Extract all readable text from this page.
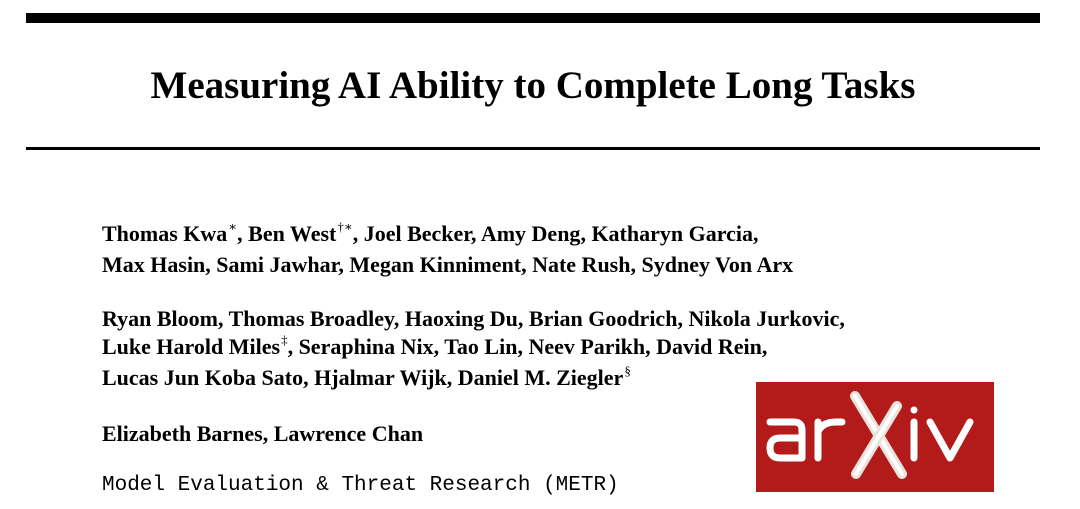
Measuring AI Ability to Complete Long Tasks
Thomas Kwa∗, Ben West†∗, Joel Becker, Amy Deng, Katharyn Garcia,
Max Hasin, Sami Jawhar, Megan Kinniment, Nate Rush, Sydney Von Arx
Ryan Bloom, Thomas Broadley, Haoxing Du, Brian Goodrich, Nikola Jurkovic,
Luke Harold Miles‡, Seraphina Nix, Tao Lin, Neev Parikh, David Rein,
Lucas Jun Koba Sato, Hjalmar Wijk, Daniel M. Ziegler§
Elizabeth Barnes, Lawrence Chan
Model Evaluation & Threat Research (METR)
